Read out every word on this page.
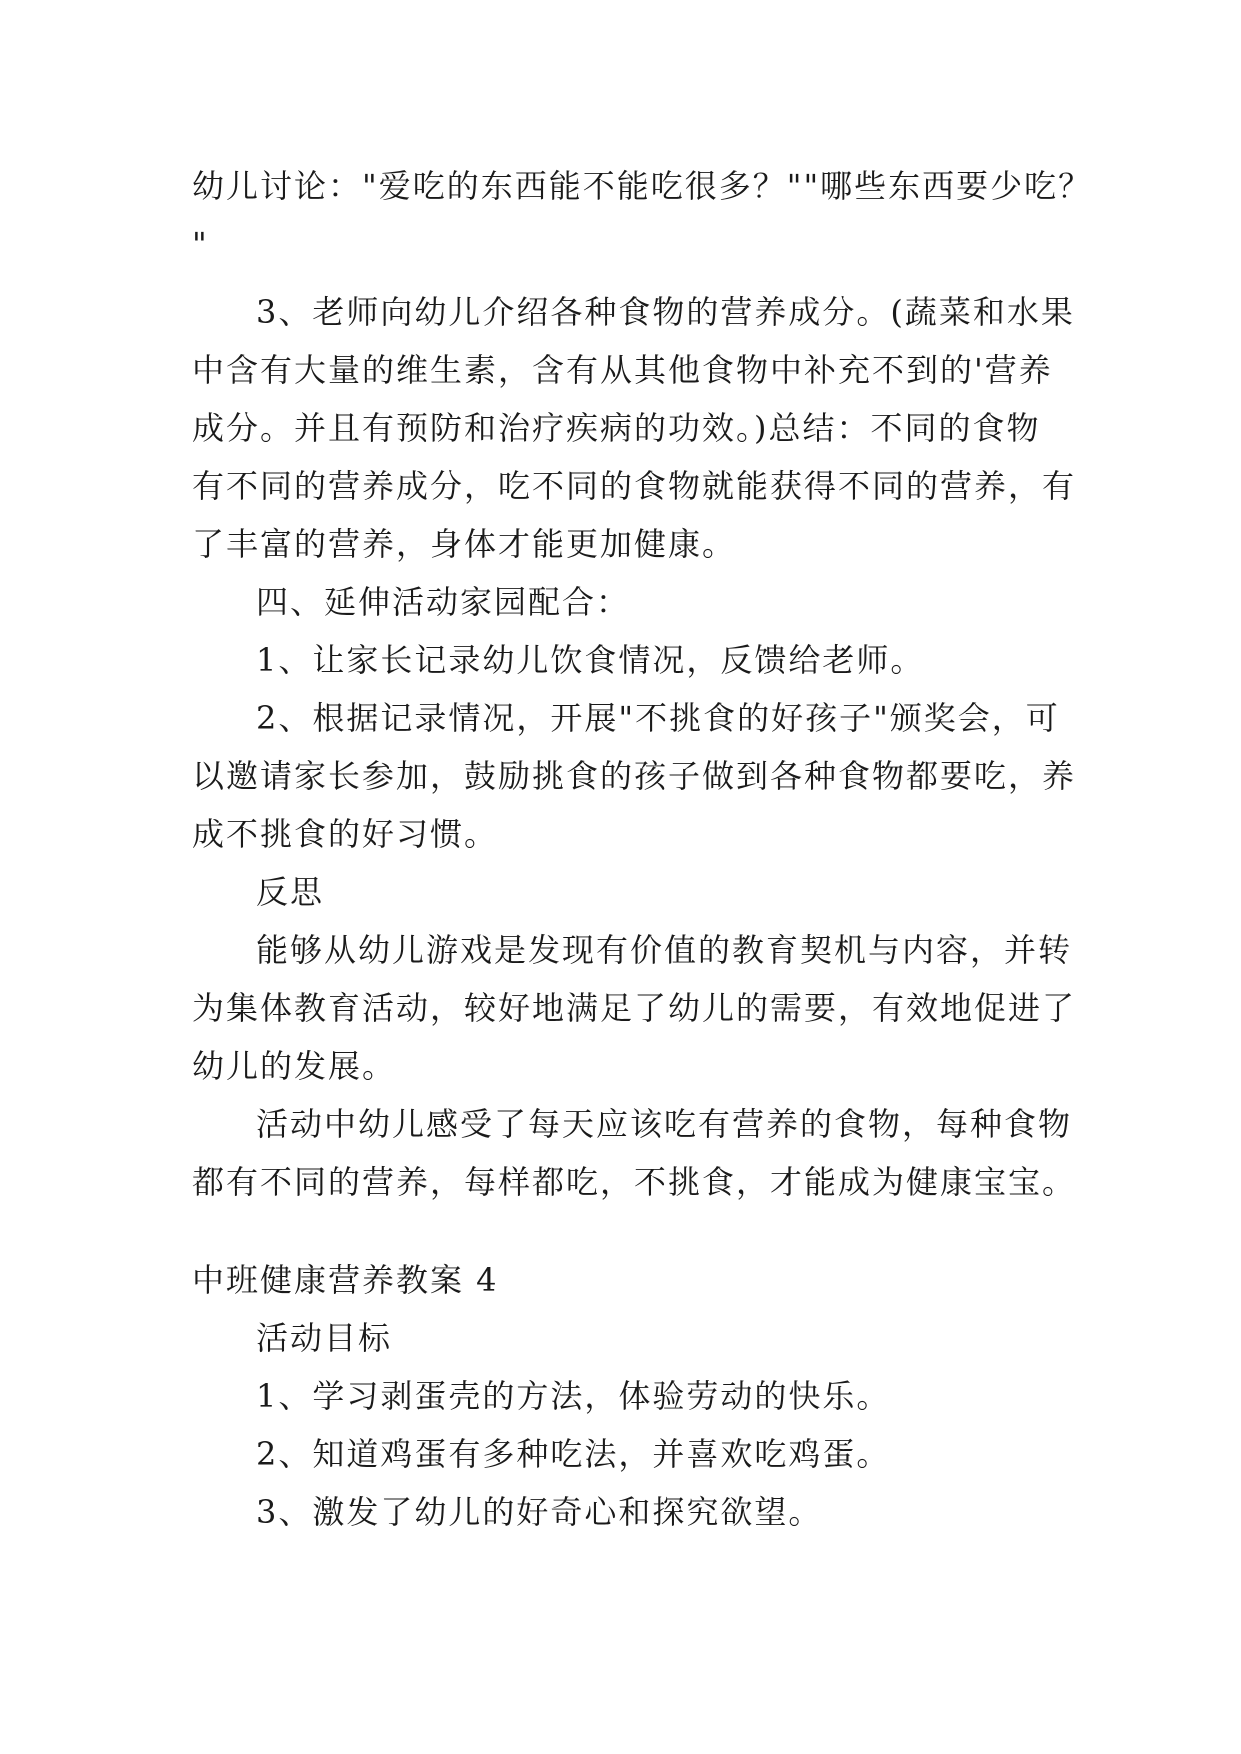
幼儿讨论："爱吃的东西能不能吃很多？""哪些东西要少吃？
"
3、老师向幼儿介绍各种食物的营养成分。(蔬菜和水果
中含有大量的维生素，含有从其他食物中补充不到的'营养
成分。并且有预防和治疗疾病的功效。)总结：不同的食物
有不同的营养成分，吃不同的食物就能获得不同的营养，有
了丰富的营养，身体才能更加健康。
四、延伸活动家园配合：
1、让家长记录幼儿饮食情况，反馈给老师。
2、根据记录情况，开展"不挑食的好孩子"颁奖会，可
以邀请家长参加，鼓励挑食的孩子做到各种食物都要吃，养
成不挑食的好习惯。
反思
能够从幼儿游戏是发现有价值的教育契机与内容，并转
为集体教育活动，较好地满足了幼儿的需要，有效地促进了
幼儿的发展。
活动中幼儿感受了每天应该吃有营养的食物，每种食物
都有不同的营养，每样都吃，不挑食，才能成为健康宝宝。
中班健康营养教案 4
活动目标
1、学习剥蛋壳的方法，体验劳动的快乐。
2、知道鸡蛋有多种吃法，并喜欢吃鸡蛋。
3、激发了幼儿的好奇心和探究欲望。
